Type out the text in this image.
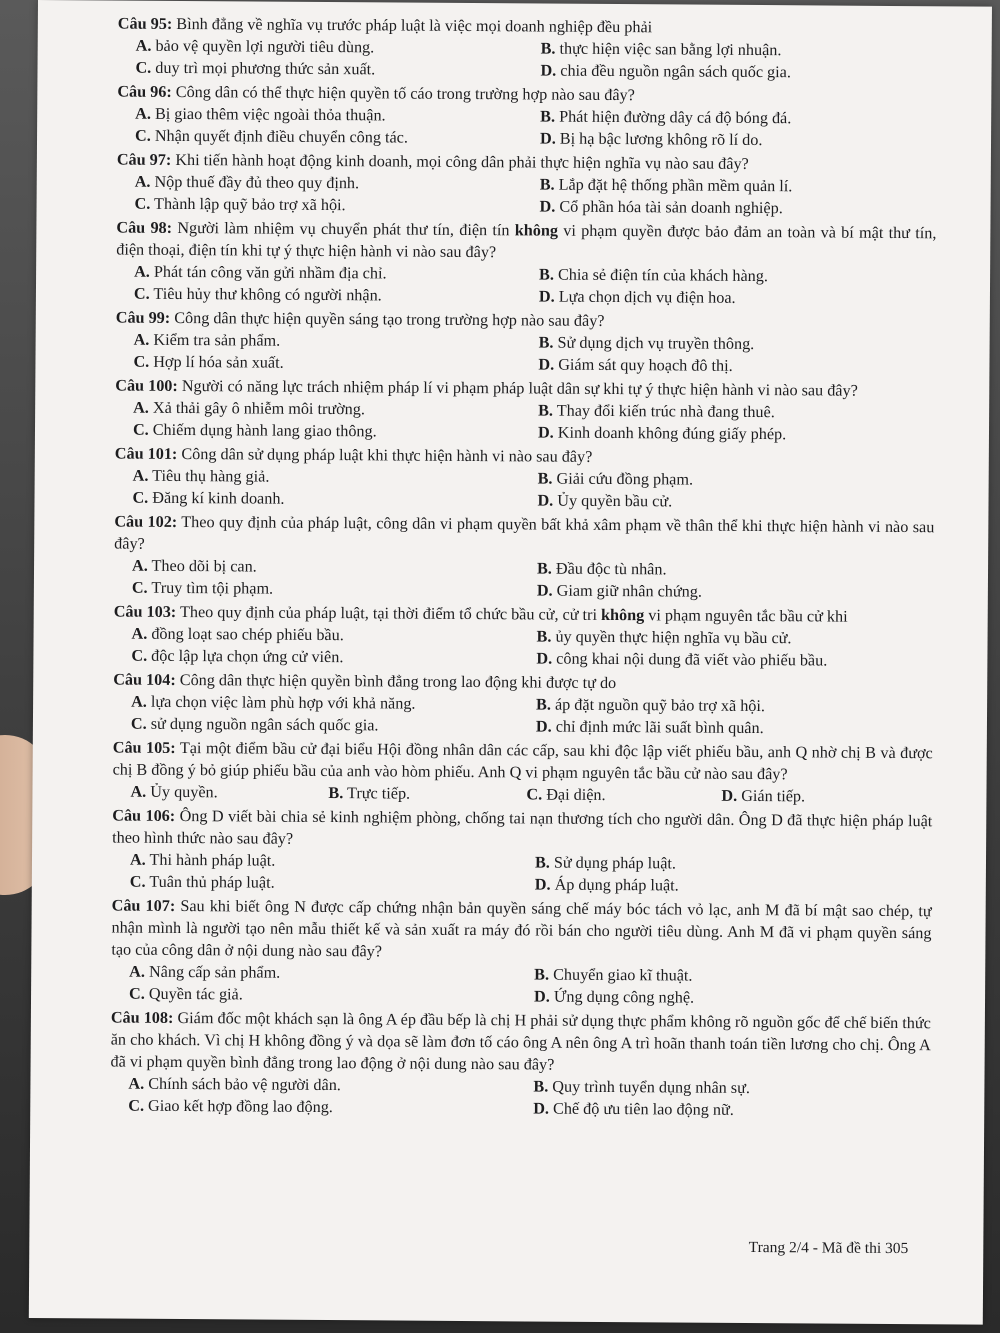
Câu 95: Bình đẳng về nghĩa vụ trước pháp luật là việc mọi doanh nghiệp đều phải
A. bảo vệ quyền lợi người tiêu dùng.	B. thực hiện việc san bằng lợi nhuận.
C. duy trì mọi phương thức sản xuất.	D. chia đều nguồn ngân sách quốc gia.
Câu 96: Công dân có thể thực hiện quyền tố cáo trong trường hợp nào sau đây?
A. Bị giao thêm việc ngoài thỏa thuận.	B. Phát hiện đường dây cá độ bóng đá.
C. Nhận quyết định điều chuyển công tác.	D. Bị hạ bậc lương không rõ lí do.
Câu 97: Khi tiến hành hoạt động kinh doanh, mọi công dân phải thực hiện nghĩa vụ nào sau đây?
A. Nộp thuế đầy đủ theo quy định.	B. Lắp đặt hệ thống phần mềm quản lí.
C. Thành lập quỹ bảo trợ xã hội.	D. Cổ phần hóa tài sản doanh nghiệp.
Câu 98: Người làm nhiệm vụ chuyển phát thư tín, điện tín không vi phạm quyền được bảo đảm an toàn và bí mật thư tín, điện thoại, điện tín khi tự ý thực hiện hành vi nào sau đây?
A. Phát tán công văn gửi nhầm địa chỉ.	B. Chia sẻ điện tín của khách hàng.
C. Tiêu hủy thư không có người nhận.	D. Lựa chọn dịch vụ điện hoa.
Câu 99: Công dân thực hiện quyền sáng tạo trong trường hợp nào sau đây?
A. Kiểm tra sản phẩm.	B. Sử dụng dịch vụ truyền thông.
C. Hợp lí hóa sản xuất.	D. Giám sát quy hoạch đô thị.
Câu 100: Người có năng lực trách nhiệm pháp lí vi phạm pháp luật dân sự khi tự ý thực hiện hành vi nào sau đây?
A. Xả thải gây ô nhiễm môi trường.	B. Thay đổi kiến trúc nhà đang thuê.
C. Chiếm dụng hành lang giao thông.	D. Kinh doanh không đúng giấy phép.
Câu 101: Công dân sử dụng pháp luật khi thực hiện hành vi nào sau đây?
A. Tiêu thụ hàng giả.	B. Giải cứu đồng phạm.
C. Đăng kí kinh doanh.	D. Ủy quyền bầu cử.
Câu 102: Theo quy định của pháp luật, công dân vi phạm quyền bất khả xâm phạm về thân thể khi thực hiện hành vi nào sau đây?
A. Theo dõi bị can.	B. Đầu độc tù nhân.
C. Truy tìm tội phạm.	D. Giam giữ nhân chứng.
Câu 103: Theo quy định của pháp luật, tại thời điểm tổ chức bầu cử, cử tri không vi phạm nguyên tắc bầu cử khi
A. đồng loạt sao chép phiếu bầu.	B. ủy quyền thực hiện nghĩa vụ bầu cử.
C. độc lập lựa chọn ứng cử viên.	D. công khai nội dung đã viết vào phiếu bầu.
Câu 104: Công dân thực hiện quyền bình đẳng trong lao động khi được tự do
A. lựa chọn việc làm phù hợp với khả năng.	B. áp đặt nguồn quỹ bảo trợ xã hội.
C. sử dụng nguồn ngân sách quốc gia.	D. chỉ định mức lãi suất bình quân.
Câu 105: Tại một điểm bầu cử đại biểu Hội đồng nhân dân các cấp, sau khi độc lập viết phiếu bầu, anh Q nhờ chị B và được chị B đồng ý bỏ giúp phiếu bầu của anh vào hòm phiếu. Anh Q vi phạm nguyên tắc bầu cử nào sau đây?
A. Ủy quyền.	B. Trực tiếp.	C. Đại diện.	D. Gián tiếp.
Câu 106: Ông D viết bài chia sẻ kinh nghiệm phòng, chống tai nạn thương tích cho người dân. Ông D đã thực hiện pháp luật theo hình thức nào sau đây?
A. Thi hành pháp luật.	B. Sử dụng pháp luật.
C. Tuân thủ pháp luật.	D. Áp dụng pháp luật.
Câu 107: Sau khi biết ông N được cấp chứng nhận bản quyền sáng chế máy bóc tách vỏ lạc, anh M đã bí mật sao chép, tự nhận mình là người tạo nên mẫu thiết kế và sản xuất ra máy đó rồi bán cho người tiêu dùng. Anh M đã vi phạm quyền sáng tạo của công dân ở nội dung nào sau đây?
A. Nâng cấp sản phẩm.	B. Chuyển giao kĩ thuật.
C. Quyền tác giả.	D. Ứng dụng công nghệ.
Câu 108: Giám đốc một khách sạn là ông A ép đầu bếp là chị H phải sử dụng thực phẩm không rõ nguồn gốc để chế biến thức ăn cho khách. Vì chị H không đồng ý và dọa sẽ làm đơn tố cáo ông A nên ông A trì hoãn thanh toán tiền lương cho chị. Ông A đã vi phạm quyền bình đẳng trong lao động ở nội dung nào sau đây?
A. Chính sách bảo vệ người dân.	B. Quy trình tuyển dụng nhân sự.
C. Giao kết hợp đồng lao động.	D. Chế độ ưu tiên lao động nữ.
Trang 2/4 - Mã đề thi 305
